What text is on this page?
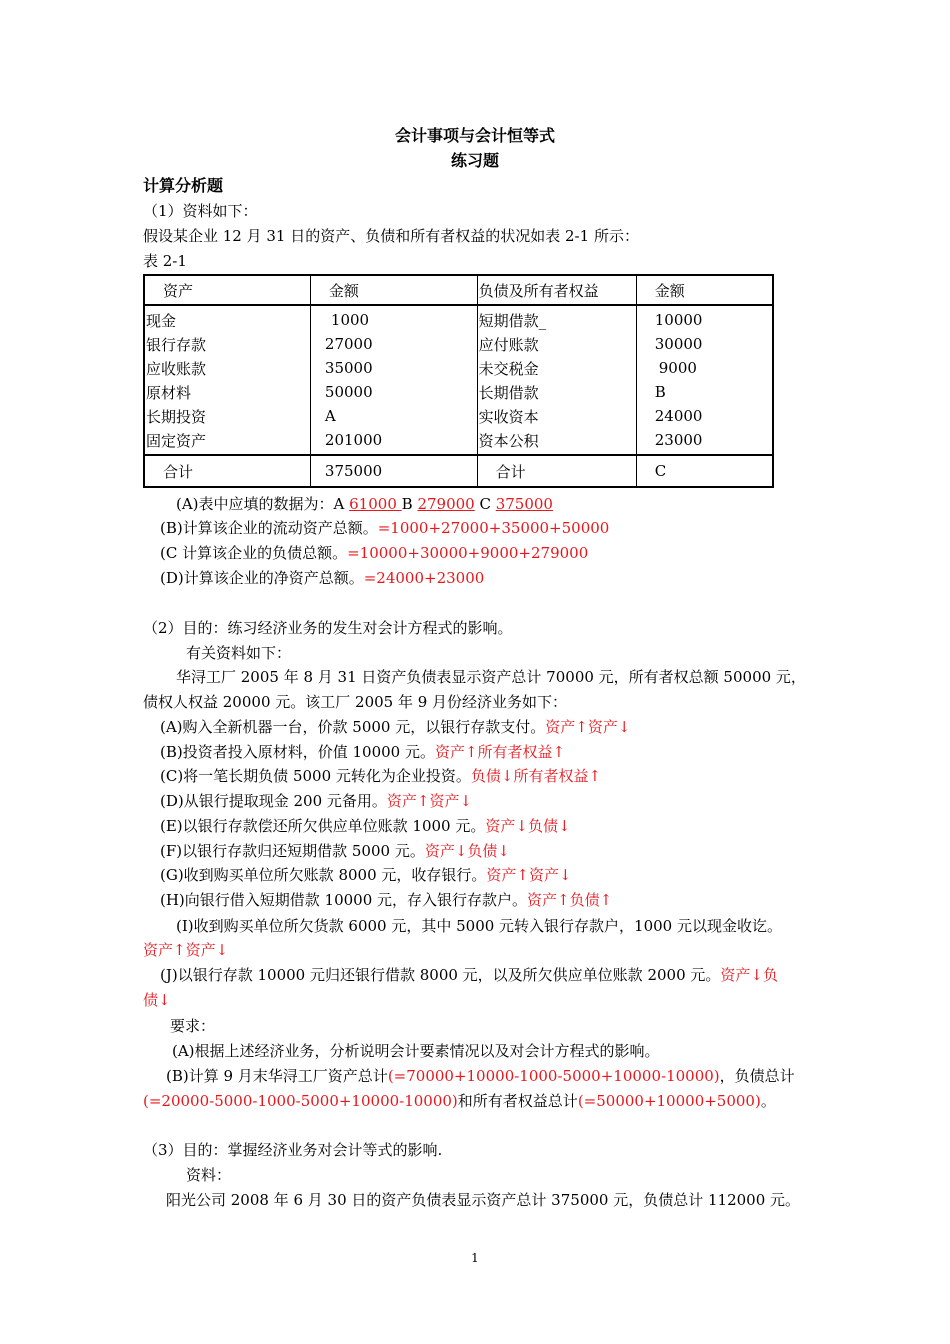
会计事项与会计恒等式
练习题
计算分析题
（1）资料如下：
假设某企业 12 月 31 日的资产、负债和所有者权益的状况如表 2-1 所示：
表 2-1
资产	金额	负债及所有者权益	金额
现金	1000	短期借款_	10000
银行存款	27000	应付账款	30000
应收账款	35000	未交税金	9000
原材料	50000	长期借款	B
长期投资	A	实收资本	24000
固定资产	201000	资本公积	23000
合计	375000	合计	C
(A)表中应填的数据为：A 61000 B 279000 C 375000
(B)计算该企业的流动资产总额。=1000+27000+35000+50000
(C 计算该企业的负债总额。=10000+30000+9000+279000
(D)计算该企业的净资产总额。=24000+23000
（2）目的：练习经济业务的发生对会计方程式的影响。
有关资料如下：
华浔工厂 2005 年 8 月 31 日资产负债表显示资产总计 70000 元，所有者权总额 50000 元，
债权人权益 20000 元。该工厂 2005 年 9 月份经济业务如下：
(A)购入全新机器一台，价款 5000 元，以银行存款支付。资产↑资产↓
(B)投资者投入原材料，价值 10000 元。资产↑所有者权益↑
(C)将一笔长期负债 5000 元转化为企业投资。负债↓所有者权益↑
(D)从银行提取现金 200 元备用。资产↑资产↓
(E)以银行存款偿还所欠供应单位账款 1000 元。资产↓负债↓
(F)以银行存款归还短期借款 5000 元。资产↓负债↓
(G)收到购买单位所欠账款 8000 元，收存银行。资产↑资产↓
(H)向银行借入短期借款 10000 元，存入银行存款户。资产↑负债↑
(I)收到购买单位所欠货款 6000 元，其中 5000 元转入银行存款户，1000 元以现金收讫。
资产↑资产↓
(J)以银行存款 10000 元归还银行借款 8000 元，以及所欠供应单位账款 2000 元。资产↓负
债↓
要求：
(A)根据上述经济业务，分析说明会计要素情况以及对会计方程式的影响。
(B)计算 9 月末华浔工厂资产总计(=70000+10000-1000-5000+10000-10000)，负债总计
(=20000-5000-1000-5000+10000-10000)和所有者权益总计(=50000+10000+5000)。
（3）目的：掌握经济业务对会计等式的影响.
资料：
阳光公司 2008 年 6 月 30 日的资产负债表显示资产总计 375000 元，负债总计 112000 元。
1
